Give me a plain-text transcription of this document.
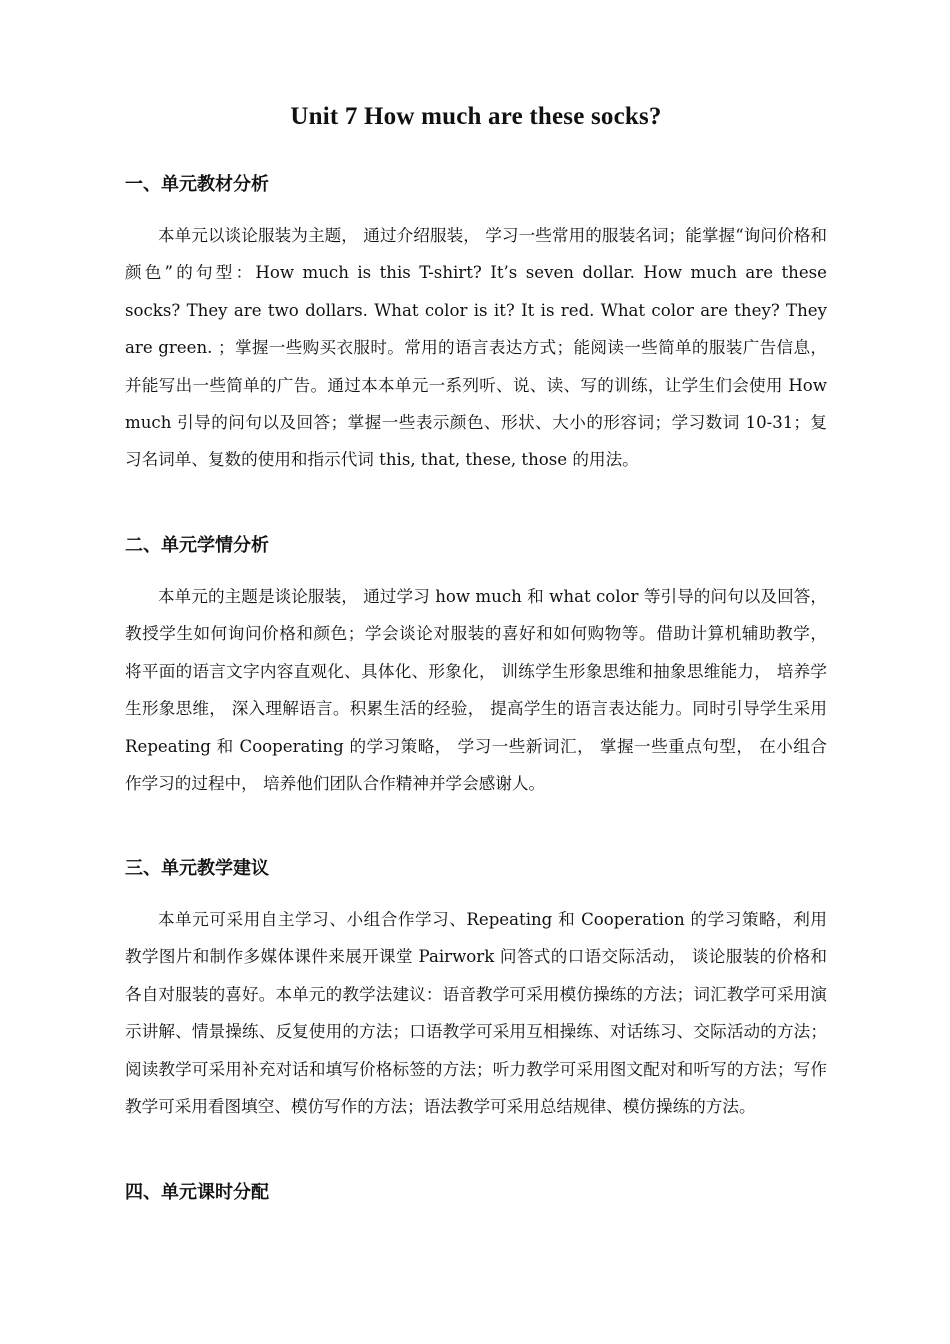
Unit 7 How much are these socks?
一、单元教材分析

本单元以谈论服装为主题， 通过介绍服装， 学习一些常用的服装名词；能掌握“询问价格和颜色”的句型：How much is this T-shirt? It’s seven dollar. How much are these socks? They are two dollars. What color is it? It is red. What color are they? They are green. ；掌握一些购买衣服时。常用的语言表达方式；能阅读一些简单的服装广告信息， 并能写出一些简单的广告。通过本本单元一系列听、说、读、写的训练，让学生们会使用 How much 引导的问句以及回答；掌握一些表示颜色、形状、大小的形容词；学习数词 10-31；复习名词单、复数的使用和指示代词 this, that, these, those 的用法。

二、单元学情分析

本单元的主题是谈论服装， 通过学习 how much 和 what color 等引导的问句以及回答， 教授学生如何询问价格和颜色；学会谈论对服装的喜好和如何购物等。借助计算机辅助教学， 将平面的语言文字内容直观化、具体化、形象化， 训练学生形象思维和抽象思维能力， 培养学生形象思维， 深入理解语言。积累生活的经验， 提高学生的语言表达能力。同时引导学生采用 Repeating 和 Cooperating 的学习策略， 学习一些新词汇， 掌握一些重点句型， 在小组合作学习的过程中， 培养他们团队合作精神并学会感谢人。

三、单元教学建议

本单元可采用自主学习、小组合作学习、Repeating 和 Cooperation 的学习策略，利用教学图片和制作多媒体课件来展开课堂 Pairwork 问答式的口语交际活动， 谈论服装的价格和各自对服装的喜好。本单元的教学法建议：语音教学可采用模仿操练的方法；词汇教学可采用演示讲解、情景操练、反复使用的方法；口语教学可采用互相操练、对话练习、交际活动的方法；阅读教学可采用补充对话和填写价格标签的方法；听力教学可采用图文配对和听写的方法；写作教学可采用看图填空、模仿写作的方法；语法教学可采用总结规律、模仿操练的方法。

四、单元课时分配
